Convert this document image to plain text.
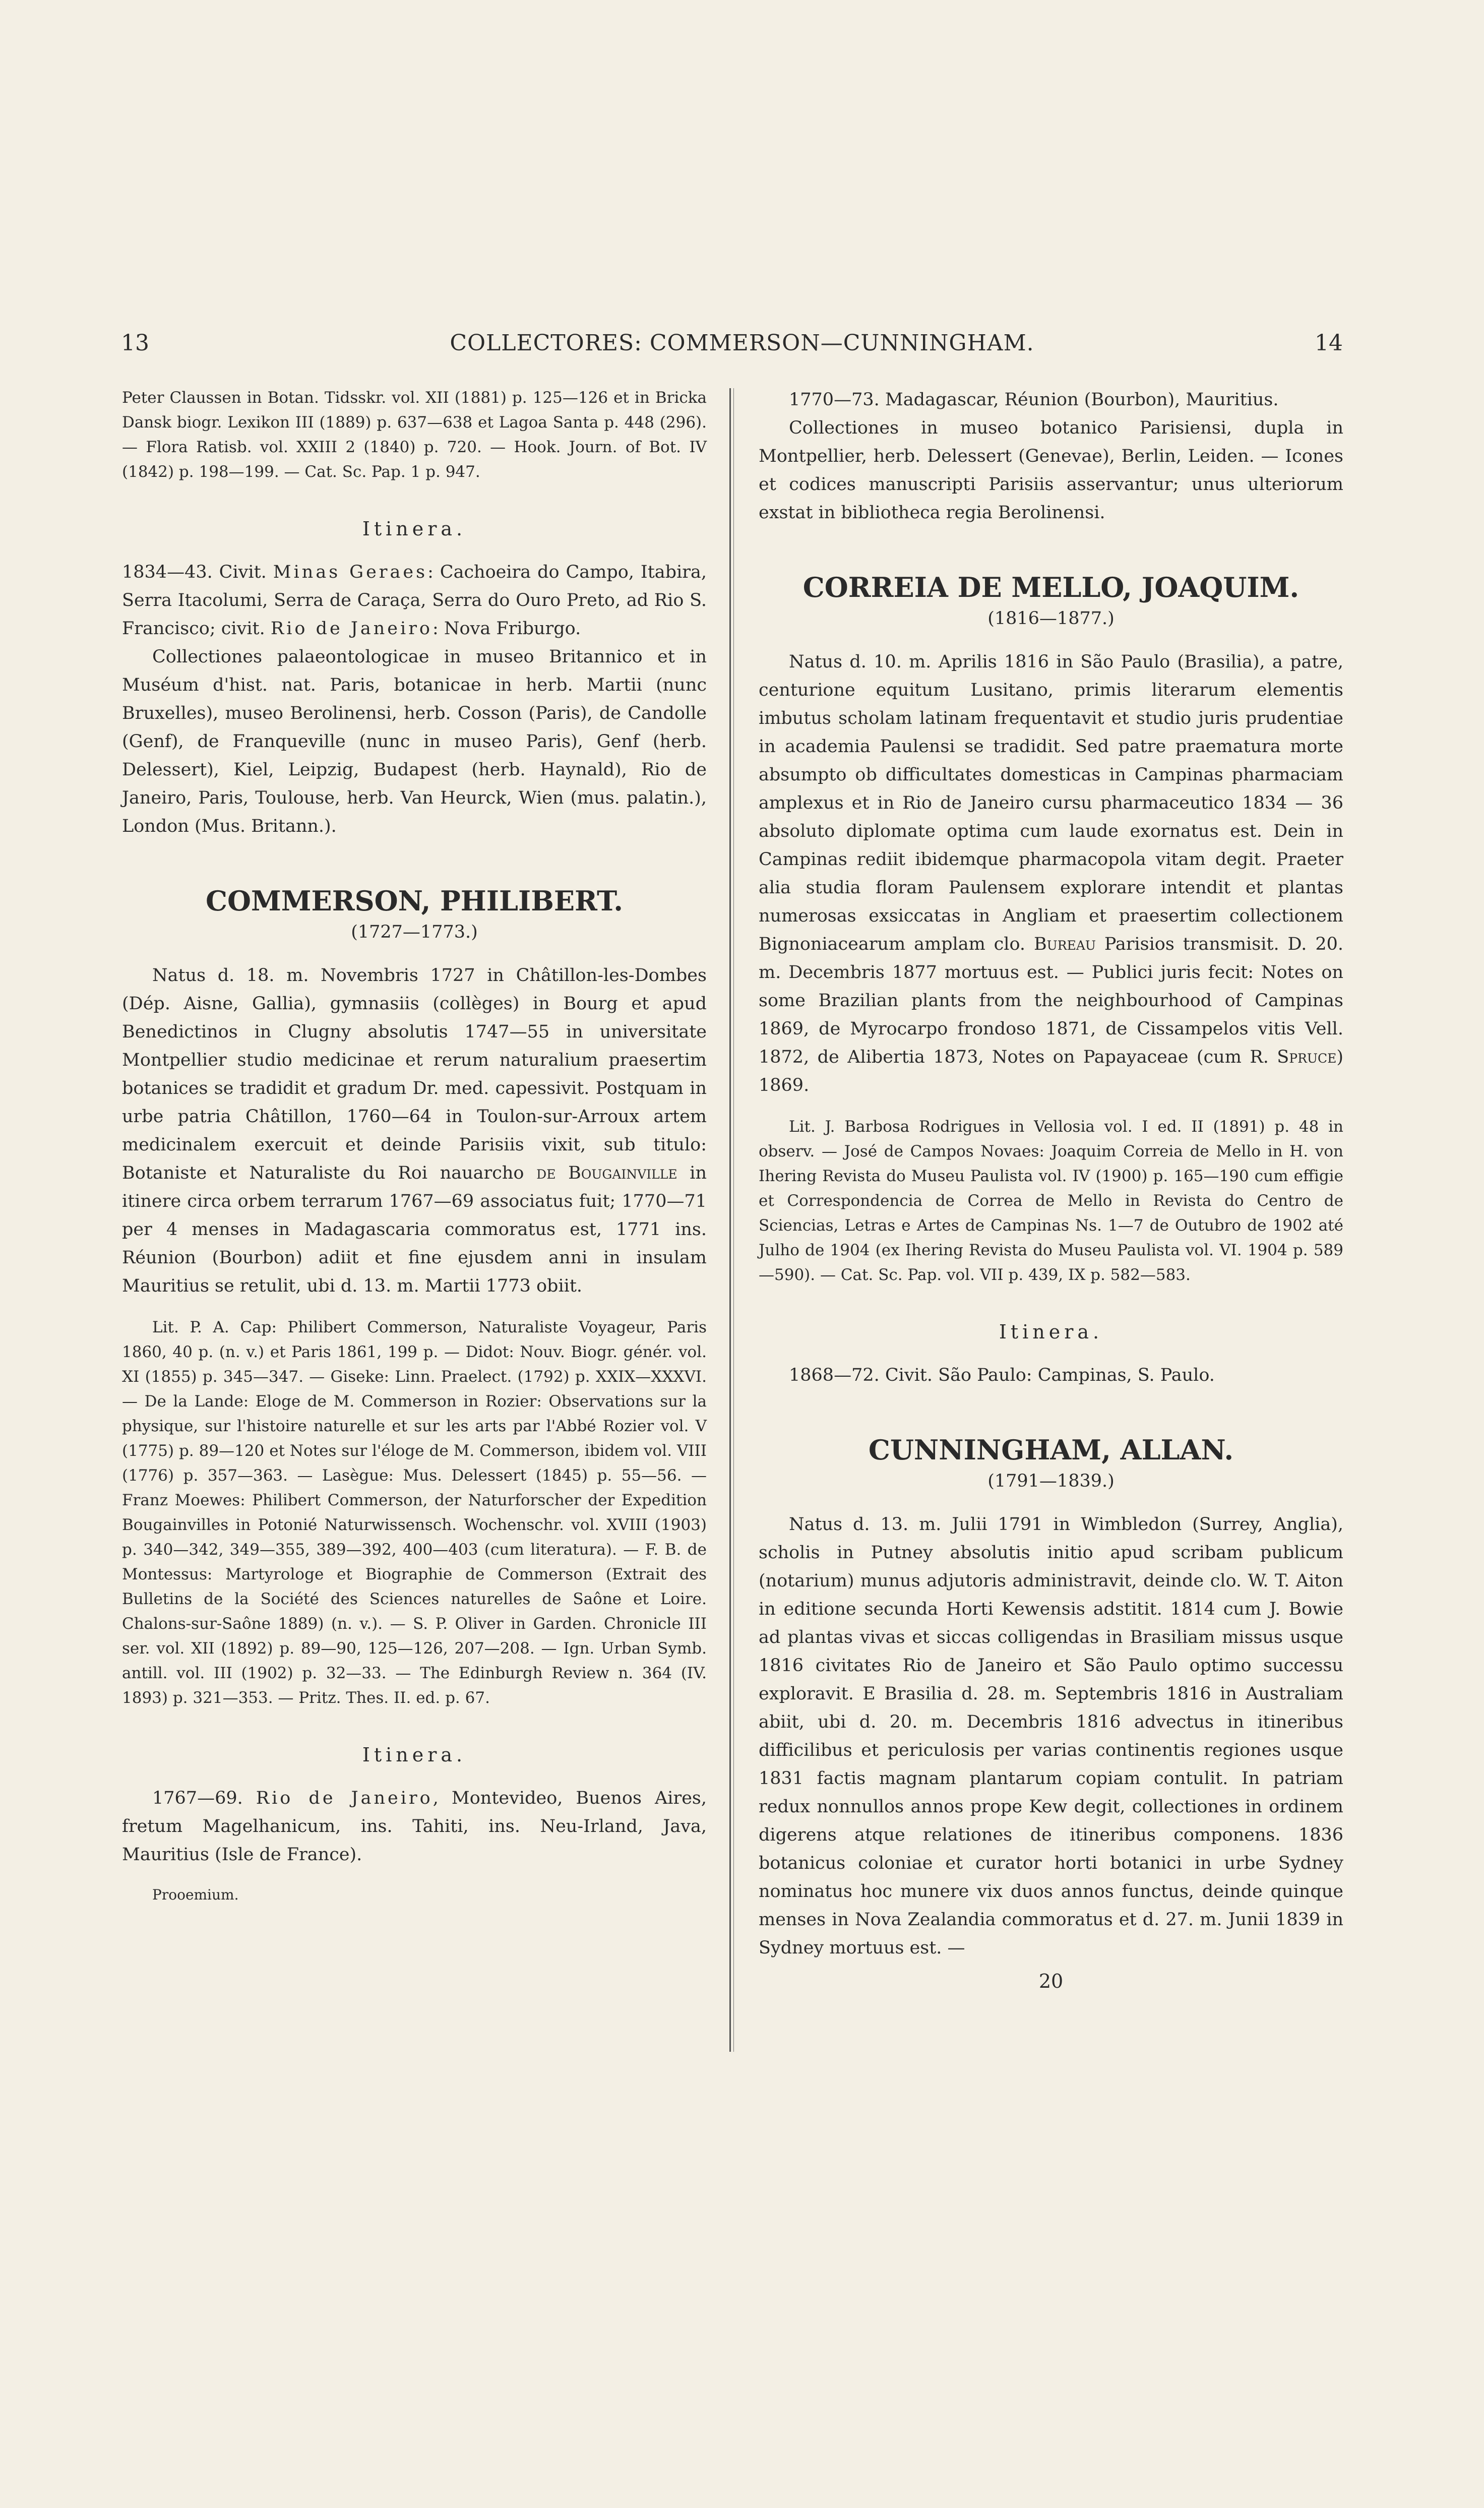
13	COLLECTORES: COMMERSON—CUNNINGHAM.	14

Peter Claussen in Botan. Tidsskr. vol. XII (1881) p. 125—126 et in Bricka Dansk biogr. Lexikon III (1889) p. 637—638 et Lagoa Santa p. 448 (296). — Flora Ratisb. vol. XXIII 2 (1840) p. 720. — Hook. Journ. of Bot. IV (1842) p. 198—199. — Cat. Sc. Pap. 1 p. 947.

Itinera.

1834—43. Civit. Minas Geraes: Cachoeira do Campo, Itabira, Serra Itacolumi, Serra de Caraça, Serra do Ouro Preto, ad Rio S. Francisco; civit. Rio de Janeiro: Nova Friburgo.

Collectiones palaeontologicae in museo Britannico et in Muséum d'hist. nat. Paris, botanicae in herb. Martii (nunc Bruxelles), museo Berolinensi, herb. Cosson (Paris), de Candolle (Genf), de Franqueville (nunc in museo Paris), Genf (herb. Delessert), Kiel, Leipzig, Budapest (herb. Haynald), Rio de Janeiro, Paris, Toulouse, herb. Van Heurck, Wien (mus. palatin.), London (Mus. Britann.).

COMMERSON, PHILIBERT.
(1727—1773.)

Natus d. 18. m. Novembris 1727 in Châtillon-les-Dombes (Dép. Aisne, Gallia), gymnasiis (collèges) in Bourg et apud Benedictinos in Clugny absolutis 1747—55 in universitate Montpellier studio medicinae et rerum naturalium praesertim botanices se tradidit et gradum Dr. med. capessivit. Postquam in urbe patria Châtillon, 1760—64 in Toulon-sur-Arroux artem medicinalem exercuit et deinde Parisiis vixit, sub titulo: Botaniste et Naturaliste du Roi nauarcho de Bougainville in itinere circa orbem terrarum 1767—69 associatus fuit; 1770—71 per 4 menses in Madagascaria commoratus est, 1771 ins. Réunion (Bourbon) adiit et fine ejusdem anni in insulam Mauritius se retulit, ubi d. 13. m. Martii 1773 obiit.

Lit. P. A. Cap: Philibert Commerson, Naturaliste Voyageur, Paris 1860, 40 p. (n. v.) et Paris 1861, 199 p. — Didot: Nouv. Biogr. génér. vol. XI (1855) p. 345—347. — Giseke: Linn. Praelect. (1792) p. XXIX—XXXVI. — De la Lande: Eloge de M. Commerson in Rozier: Observations sur la physique, sur l'histoire naturelle et sur les arts par l'Abbé Rozier vol. V (1775) p. 89—120 et Notes sur l'éloge de M. Commerson, ibidem vol. VIII (1776) p. 357—363. — Lasègue: Mus. Delessert (1845) p. 55—56. — Franz Moewes: Philibert Commerson, der Naturforscher der Expedition Bougainvilles in Potonié Naturwissensch. Wochenschr. vol. XVIII (1903) p. 340—342, 349—355, 389—392, 400—403 (cum literatura). — F. B. de Montessus: Martyrologe et Biographie de Commerson (Extrait des Bulletins de la Société des Sciences naturelles de Saône et Loire. Chalons-sur-Saône 1889) (n. v.). — S. P. Oliver in Garden. Chronicle III ser. vol. XII (1892) p. 89—90, 125—126, 207—208. — Ign. Urban Symb. antill. vol. III (1902) p. 32—33. — The Edinburgh Review n. 364 (IV. 1893) p. 321—353. — Pritz. Thes. II. ed. p. 67.

Itinera.

1767—69. Rio de Janeiro, Montevideo, Buenos Aires, fretum Magelhanicum, ins. Tahiti, ins. Neu-Irland, Java, Mauritius (Isle de France).

Prooemium.

1770—73. Madagascar, Réunion (Bourbon), Mauritius.

Collectiones in museo botanico Parisiensi, dupla in Montpellier, herb. Delessert (Genevae), Berlin, Leiden. — Icones et codices manuscripti Parisiis asservantur; unus ulteriorum exstat in bibliotheca regia Berolinensi.

CORREIA DE MELLO, JOAQUIM.
(1816—1877.)

Natus d. 10. m. Aprilis 1816 in São Paulo (Brasilia), a patre, centurione equitum Lusitano, primis literarum elementis imbutus scholam latinam frequentavit et studio juris prudentiae in academia Paulensi se tradidit. Sed patre praematura morte absumpto ob difficultates domesticas in Campinas pharmaciam amplexus et in Rio de Janeiro cursu pharmaceutico 1834 — 36 absoluto diplomate optima cum laude exornatus est. Dein in Campinas rediit ibidemque pharmacopola vitam degit. Praeter alia studia floram Paulensem explorare intendit et plantas numerosas exsiccatas in Angliam et praesertim collectionem Bignoniacearum amplam clo. Bureau Parisios transmisit. D. 20. m. Decembris 1877 mortuus est. — Publici juris fecit: Notes on some Brazilian plants from the neighbourhood of Campinas 1869, de Myrocarpo frondoso 1871, de Cissampelos vitis Vell. 1872, de Alibertia 1873, Notes on Papayaceae (cum R. Spruce) 1869.

Lit. J. Barbosa Rodrigues in Vellosia vol. I ed. II (1891) p. 48 in observ. — José de Campos Novaes: Joaquim Correia de Mello in H. von Ihering Revista do Museu Paulista vol. IV (1900) p. 165—190 cum effigie et Correspondencia de Correa de Mello in Revista do Centro de Sciencias, Letras e Artes de Campinas Ns. 1—7 de Outubro de 1902 até Julho de 1904 (ex Ihering Revista do Museu Paulista vol. VI. 1904 p. 589—590). — Cat. Sc. Pap. vol. VII p. 439, IX p. 582—583.

Itinera.

1868—72. Civit. São Paulo: Campinas, S. Paulo.

CUNNINGHAM, ALLAN.
(1791—1839.)

Natus d. 13. m. Julii 1791 in Wimbledon (Surrey, Anglia), scholis in Putney absolutis initio apud scribam publicum (notarium) munus adjutoris administravit, deinde clo. W. T. Aiton in editione secunda Horti Kewensis adstitit. 1814 cum J. Bowie ad plantas vivas et siccas colligendas in Brasiliam missus usque 1816 civitates Rio de Janeiro et São Paulo optimo successu exploravit. E Brasilia d. 28. m. Septembris 1816 in Australiam abiit, ubi d. 20. m. Decembris 1816 advectus in itineribus difficilibus et periculosis per varias continentis regiones usque 1831 factis magnam plantarum copiam contulit. In patriam redux nonnullos annos prope Kew degit, collectiones in ordinem digerens atque relationes de itineribus componens. 1836 botanicus coloniae et curator horti botanici in urbe Sydney nominatus hoc munere vix duos annos functus, deinde quinque menses in Nova Zealandia commoratus et d. 27. m. Junii 1839 in Sydney mortuus est. —

20
